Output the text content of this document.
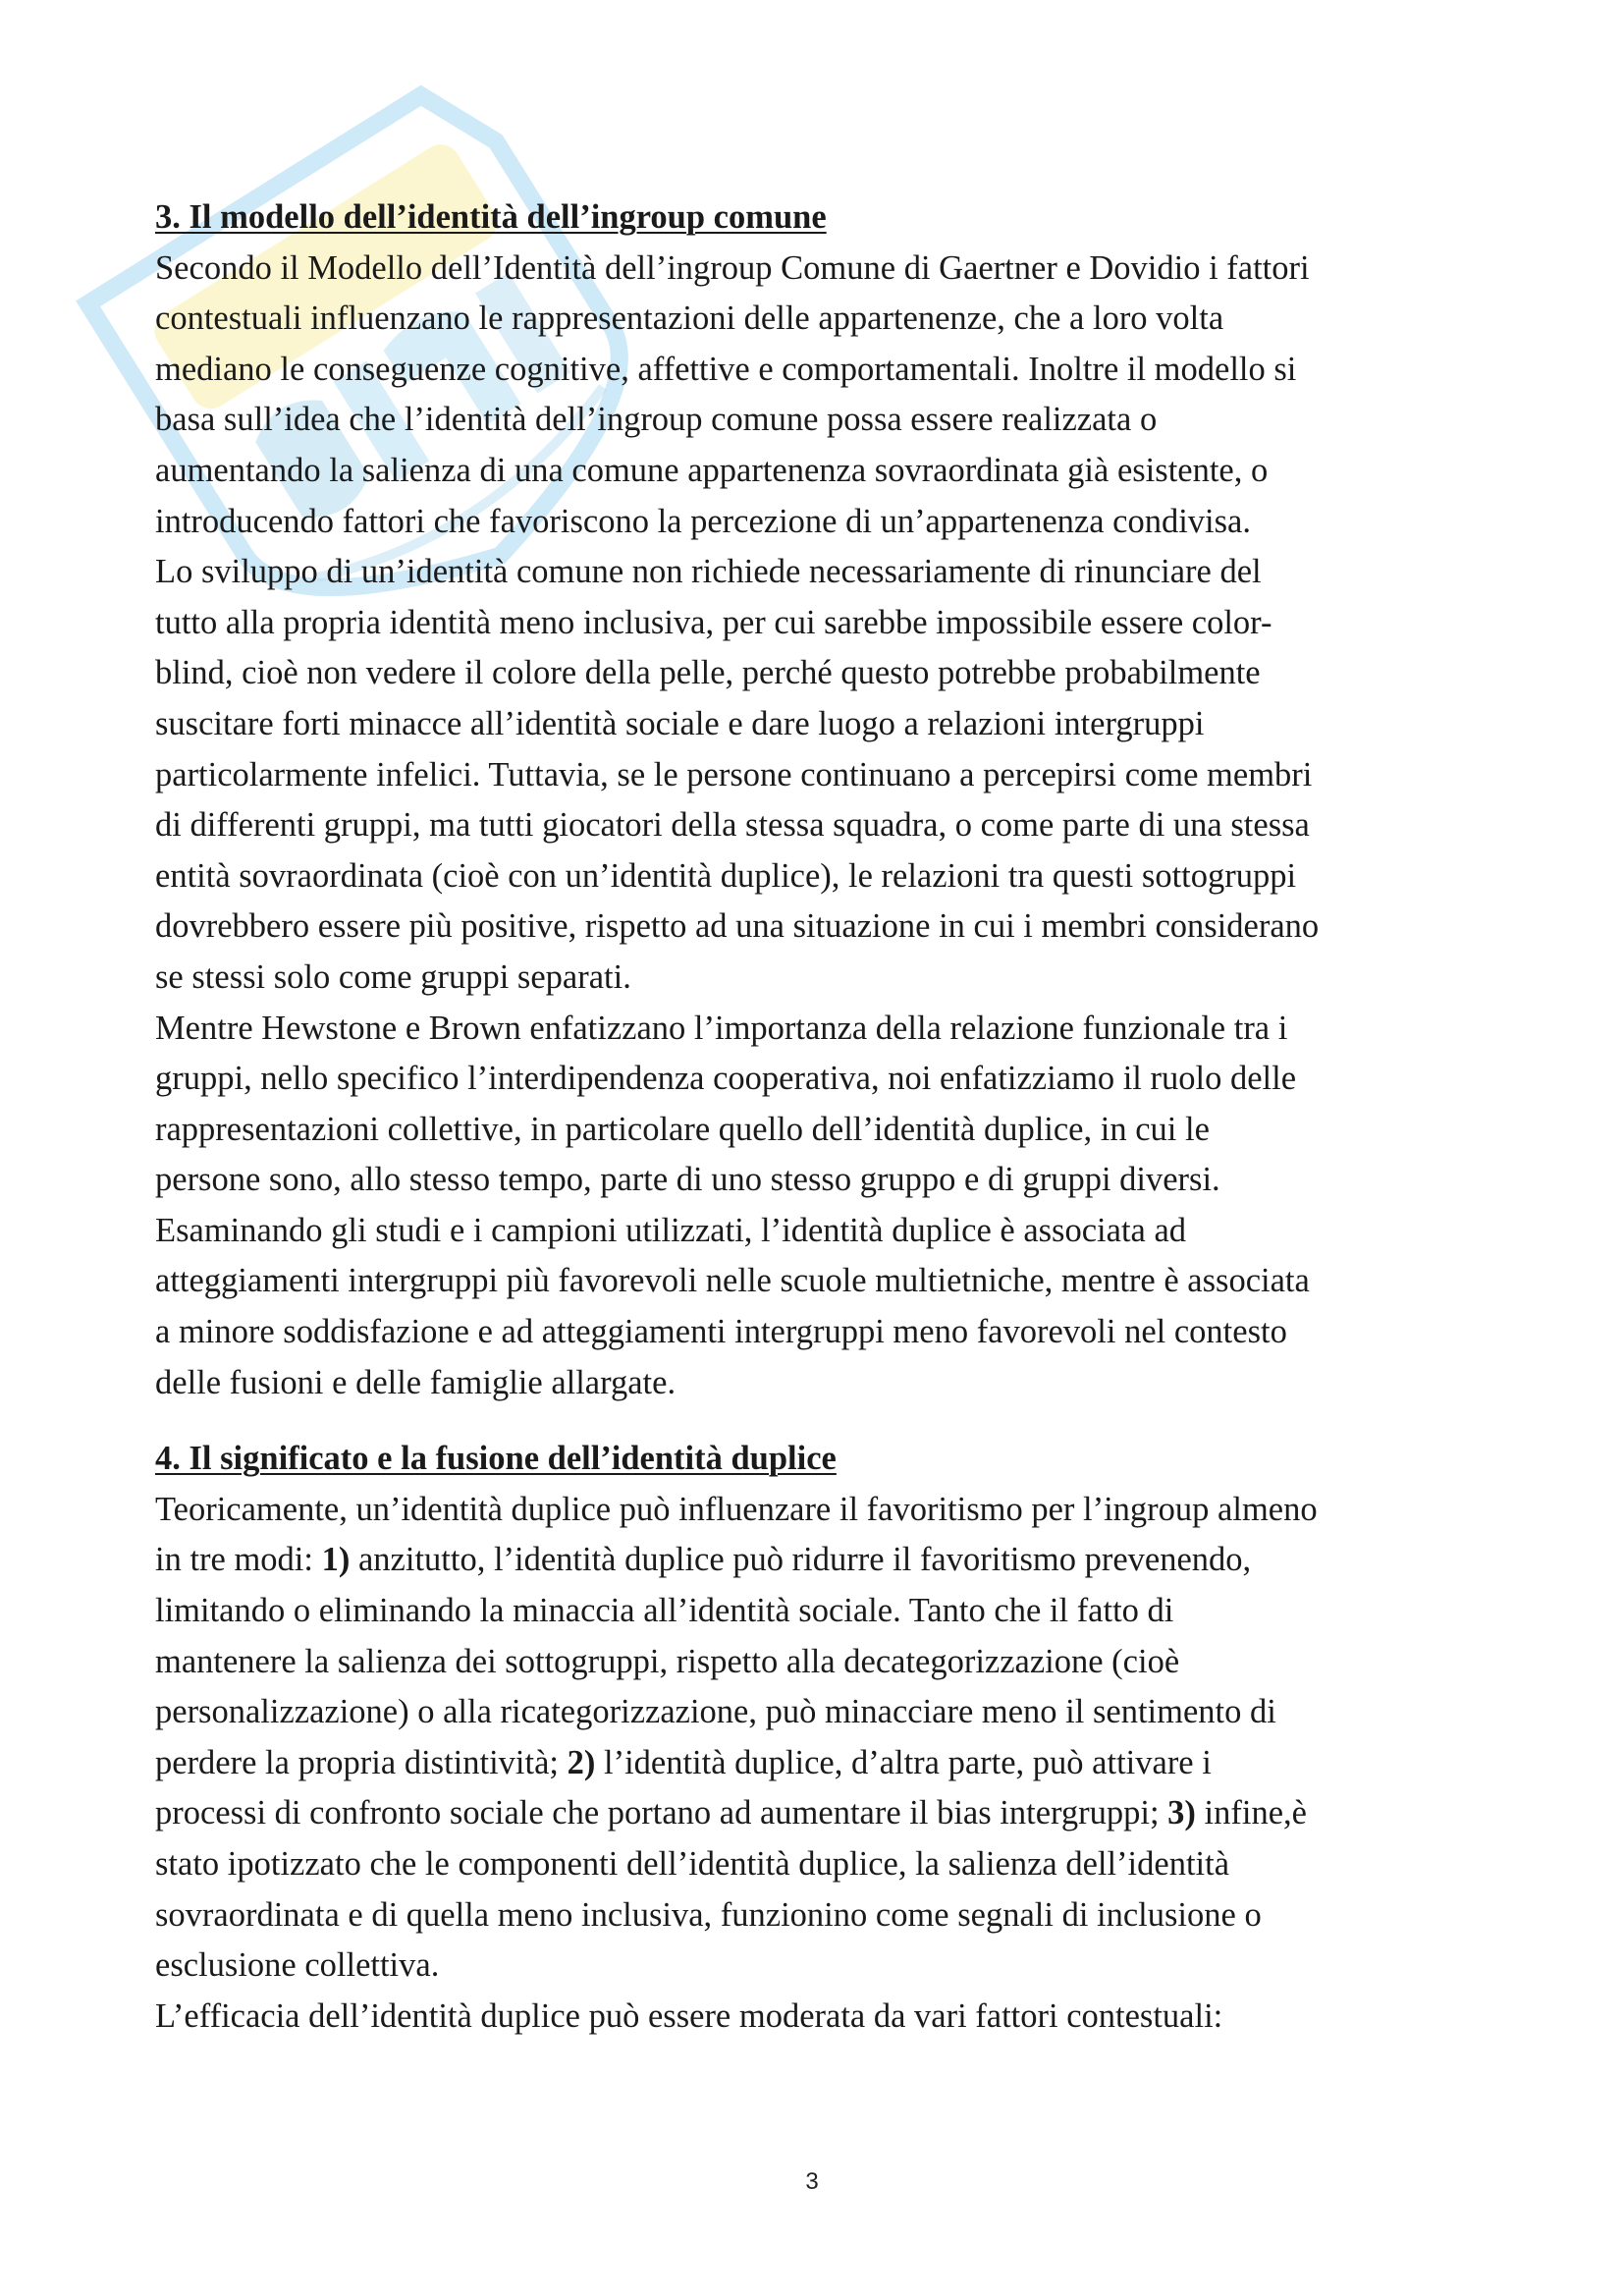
3. Il modello dell’identità dell’ingroup comune

Secondo il Modello dell’Identità dell’ingroup Comune di Gaertner e Dovidio i fattori
contestuali influenzano le rappresentazioni delle appartenenze, che a loro volta
mediano le conseguenze cognitive, affettive e comportamentali. Inoltre il modello si
basa sull’idea che l’identità dell’ingroup comune possa essere realizzata o
aumentando la salienza di una comune appartenenza sovraordinata già esistente, o
introducendo fattori che favoriscono la percezione di un’appartenenza condivisa.

Lo sviluppo di un’identità comune non richiede necessariamente di rinunciare del
tutto alla propria identità meno inclusiva, per cui sarebbe impossibile essere color-
blind, cioè non vedere il colore della pelle, perché questo potrebbe probabilmente
suscitare forti minacce all’identità sociale e dare luogo a relazioni intergruppi
particolarmente infelici. Tuttavia, se le persone continuano a percepirsi come membri
di differenti gruppi, ma tutti giocatori della stessa squadra, o come parte di una stessa
entità sovraordinata (cioè con un’identità duplice), le relazioni tra questi sottogruppi
dovrebbero essere più positive, rispetto ad una situazione in cui i membri considerano
se stessi solo come gruppi separati.

Mentre Hewstone e Brown enfatizzano l’importanza della relazione funzionale tra i
gruppi, nello specifico l’interdipendenza cooperativa, noi enfatizziamo il ruolo delle
rappresentazioni collettive, in particolare quello dell’identità duplice, in cui le
persone sono, allo stesso tempo, parte di uno stesso gruppo e di gruppi diversi.
Esaminando gli studi e i campioni utilizzati, l’identità duplice è associata ad
atteggiamenti intergruppi più favorevoli nelle scuole multietniche, mentre è associata
a minore soddisfazione e ad atteggiamenti intergruppi meno favorevoli nel contesto
delle fusioni e delle famiglie allargate.

4. Il significato e la fusione dell’identità duplice

Teoricamente, un’identità duplice può influenzare il favoritismo per l’ingroup almeno
in tre modi: 1) anzitutto, l’identità duplice può ridurre il favoritismo prevenendo,
limitando o eliminando la minaccia all’identità sociale. Tanto che il fatto di
mantenere la salienza dei sottogruppi, rispetto alla decategorizzazione (cioè
personalizzazione) o alla ricategorizzazione, può minacciare meno il sentimento di
perdere la propria distintività; 2) l’identità duplice, d’altra parte, può attivare i
processi di confronto sociale che portano ad aumentare il bias intergruppi; 3) infine,è
stato ipotizzato che le componenti dell’identità duplice, la salienza dell’identità
sovraordinata e di quella meno inclusiva, funzionino come segnali di inclusione o
esclusione collettiva.

L’efficacia dell’identità duplice può essere moderata da vari fattori contestuali:

3
